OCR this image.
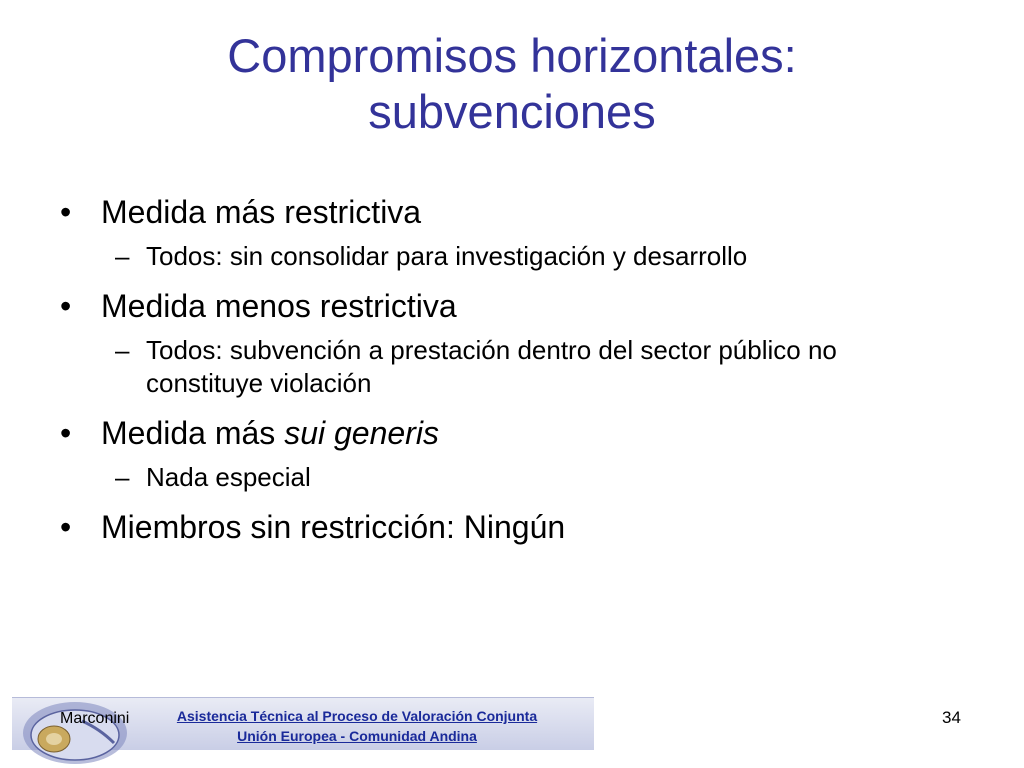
Compromisos horizontales:
subvenciones
• Medida más restrictiva
– Todos: sin consolidar para investigación y desarrollo
• Medida menos restrictiva
– Todos: subvención a prestación dentro del sector público no constituye violación
• Medida más sui generis
– Nada especial
• Miembros sin restricción: Ningún
Marconini	Asistencia Técnica al Proceso de Valoración Conjunta
Unión Europea - Comunidad Andina
34
